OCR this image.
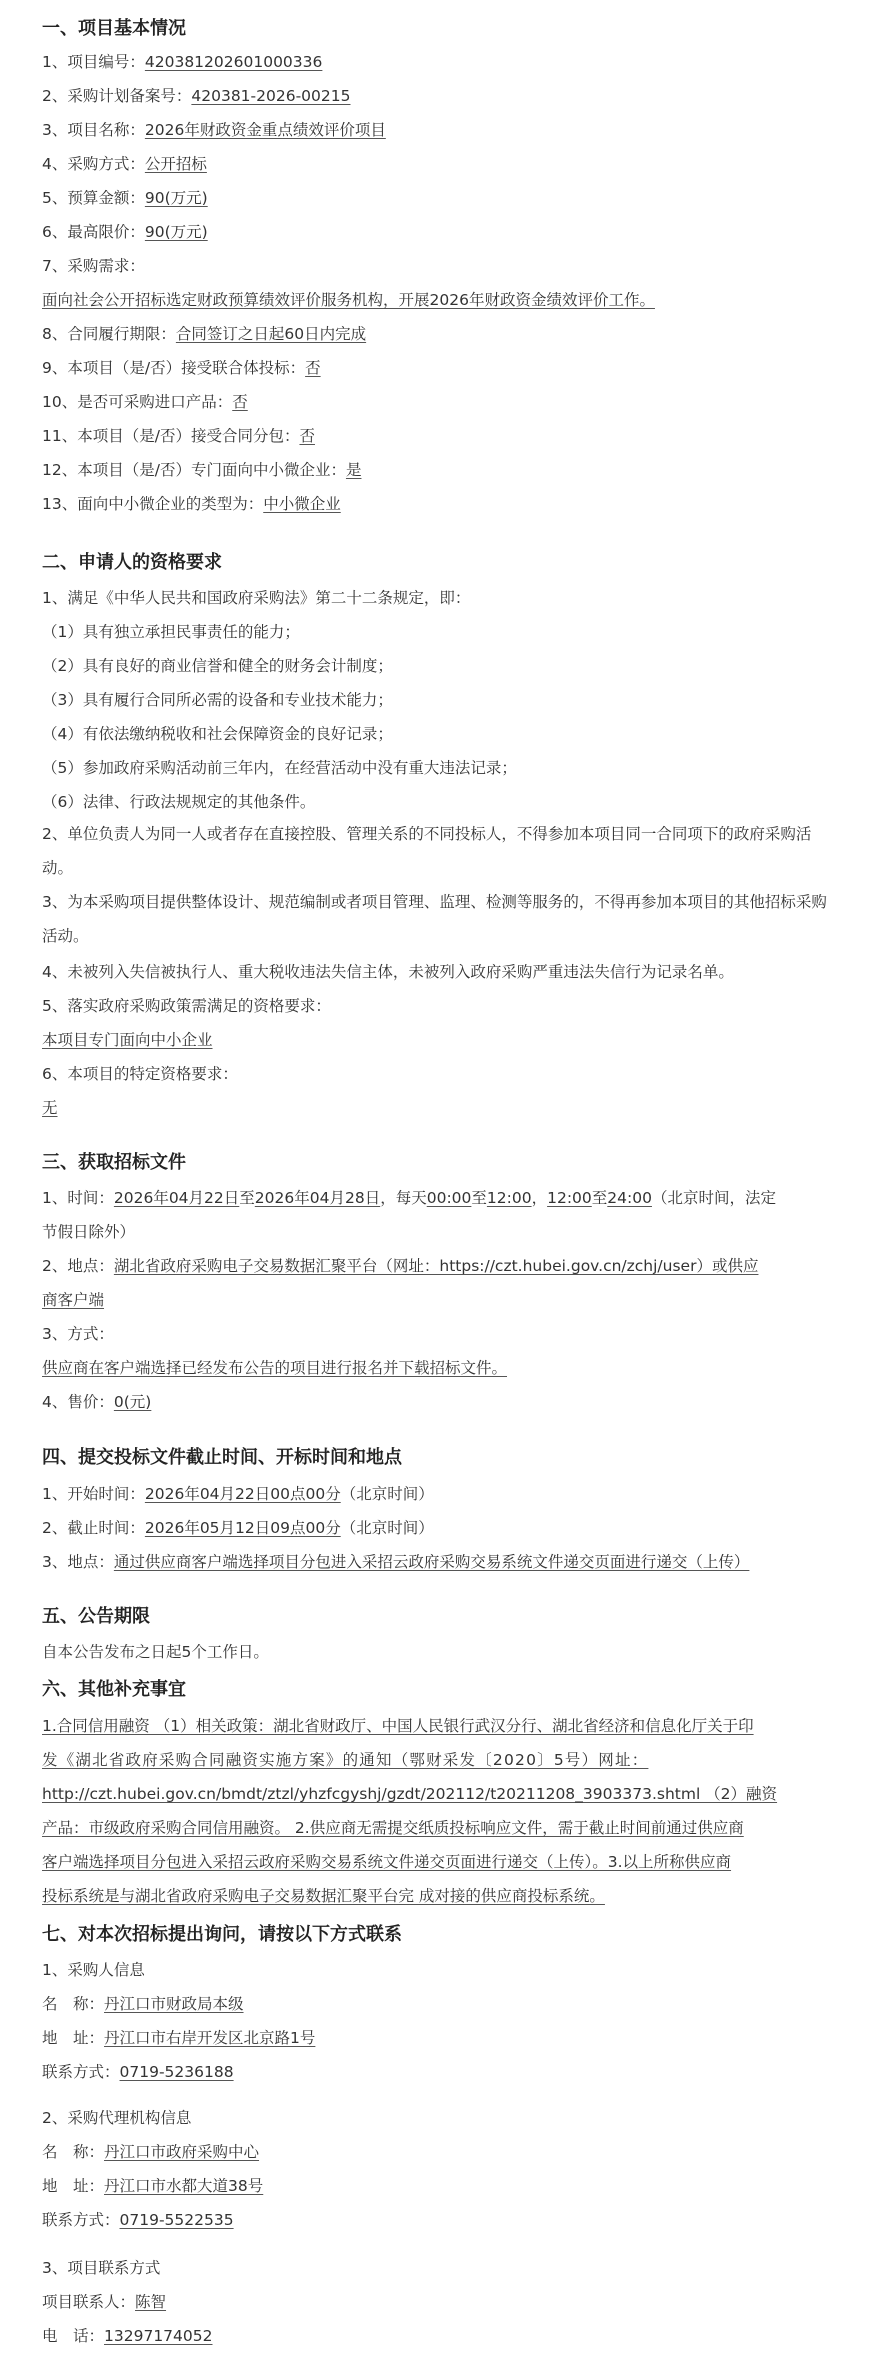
一、项目基本情况
1、项目编号：420381202601000336
2、采购计划备案号：420381-2026-00215
3、项目名称：2026年财政资金重点绩效评价项目
4、采购方式：公开招标
5、预算金额：90(万元)
6、最高限价：90(万元)
7、采购需求：
面向社会公开招标选定财政预算绩效评价服务机构，开展2026年财政资金绩效评价工作。
8、合同履行期限：合同签订之日起60日内完成
9、本项目（是/否）接受联合体投标：否
10、是否可采购进口产品：否
11、本项目（是/否）接受合同分包：否
12、本项目（是/否）专门面向中小微企业：是
13、面向中小微企业的类型为：中小微企业
二、申请人的资格要求
1、满足《中华人民共和国政府采购法》第二十二条规定，即：
（1）具有独立承担民事责任的能力；
（2）具有良好的商业信誉和健全的财务会计制度；
（3）具有履行合同所必需的设备和专业技术能力；
（4）有依法缴纳税收和社会保障资金的良好记录；
（5）参加政府采购活动前三年内，在经营活动中没有重大违法记录；
（6）法律、行政法规规定的其他条件。
2、单位负责人为同一人或者存在直接控股、管理关系的不同投标人，不得参加本项目同一合同项下的政府采购活动。
3、为本采购项目提供整体设计、规范编制或者项目管理、监理、检测等服务的，不得再参加本项目的其他招标采购活动。
4、未被列入失信被执行人、重大税收违法失信主体，未被列入政府采购严重违法失信行为记录名单。
5、落实政府采购政策需满足的资格要求：
本项目专门面向中小企业
6、本项目的特定资格要求：
无
三、获取招标文件
1、时间：2026年04月22日至2026年04月28日，每天00:00至12:00，12:00至24:00（北京时间，法定
节假日除外）
2、地点：湖北省政府采购电子交易数据汇聚平台（网址：https://czt.hubei.gov.cn/zchj/user）或供应
商客户端
3、方式：
供应商在客户端选择已经发布公告的项目进行报名并下载招标文件。
4、售价：0(元)
四、提交投标文件截止时间、开标时间和地点
1、开始时间：2026年04月22日00点00分（北京时间）
2、截止时间：2026年05月12日09点00分（北京时间）
3、地点：通过供应商客户端选择项目分包进入采招云政府采购交易系统文件递交页面进行递交（上传）
五、公告期限
自本公告发布之日起5个工作日。
六、其他补充事宜
1.合同信用融资 （1）相关政策：湖北省财政厅、中国人民银行武汉分行、湖北省经济和信息化厅关于印
发《湖北省政府采购合同融资实施方案》的通知（鄂财采发〔2020〕5号）网址：
http://czt.hubei.gov.cn/bmdt/ztzl/yhzfcgyshj/gzdt/202112/t20211208_3903373.shtml （2）融资
产品：市级政府采购合同信用融资。 2.供应商无需提交纸质投标响应文件，需于截止时间前通过供应商
客户端选择项目分包进入采招云政府采购交易系统文件递交页面进行递交（上传）。3.以上所称供应商
投标系统是与湖北省政府采购电子交易数据汇聚平台完 成对接的供应商投标系统。
七、对本次招标提出询问，请按以下方式联系
1、采购人信息
名　称：丹江口市财政局本级
地　址：丹江口市右岸开发区北京路1号
联系方式：0719-5236188
2、采购代理机构信息
名　称：丹江口市政府采购中心
地　址：丹江口市水都大道38号
联系方式：0719-5522535
3、项目联系方式
项目联系人：陈智
电　话：13297174052
